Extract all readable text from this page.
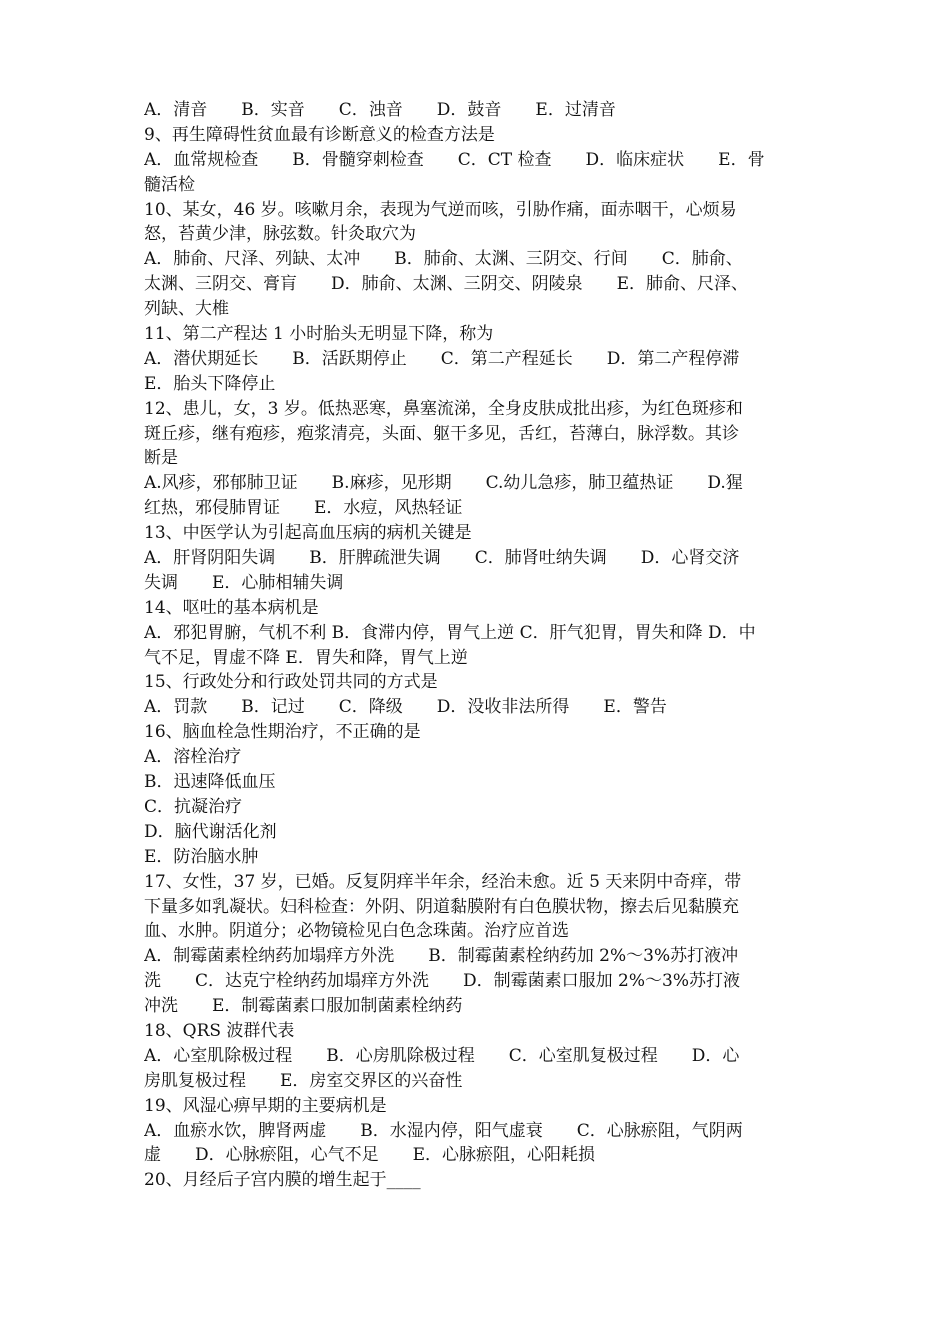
A．清音　　B．实音　　C．浊音　　D．鼓音　　E．过清音
9、再生障碍性贫血最有诊断意义的检查方法是
A．血常规检查　　B．骨髓穿刺检查　　C．CT 检查　　D．临床症状　　E．骨
髓活检
10、某女，46 岁。咳嗽月余，表现为气逆而咳，引胁作痛，面赤咽干，心烦易
怒，苔黄少津，脉弦数。针灸取穴为
A．肺俞、尺泽、列缺、太冲　　B．肺俞、太渊、三阴交、行间　　C．肺俞、
太渊、三阴交、膏肓　　D．肺俞、太渊、三阴交、阴陵泉　　E．肺俞、尺泽、
列缺、大椎
11、第二产程达 1 小时胎头无明显下降，称为
A．潜伏期延长　　B．活跃期停止　　C．第二产程延长　　D．第二产程停滞
E．胎头下降停止
12、患儿，女，3 岁。低热恶寒，鼻塞流涕，全身皮肤成批出疹，为红色斑疹和
斑丘疹，继有疱疹，疱浆清亮，头面、躯干多见，舌红，苔薄白，脉浮数。其诊
断是
A.风疹，邪郁肺卫证　　B.麻疹，见形期　　C.幼儿急疹，肺卫蕴热证　　D.猩
红热，邪侵肺胃证　　E．水痘，风热轻证
13、中医学认为引起高血压病的病机关键是
A．肝肾阴阳失调　　B．肝脾疏泄失调　　C．肺肾吐纳失调　　D．心肾交济
失调　　E．心肺相辅失调
14、呕吐的基本病机是
A．邪犯胃腑，气机不利 B．食滞内停，胃气上逆 C．肝气犯胃，胃失和降 D．中
气不足，胃虚不降 E．胃失和降，胃气上逆
15、行政处分和行政处罚共同的方式是
A．罚款　　B．记过　　C．降级　　D．没收非法所得　　E．警告
16、脑血栓急性期治疗，不正确的是
A．溶栓治疗
B．迅速降低血压
C．抗凝治疗
D．脑代谢活化剂
E．防治脑水肿
17、女性，37 岁，已婚。反复阴痒半年余，经治未愈。近 5 天来阴中奇痒，带
下量多如乳凝状。妇科检查：外阴、阴道黏膜附有白色膜状物，擦去后见黏膜充
血、水肿。阴道分；必物镜检见白色念珠菌。治疗应首选
A．制霉菌素栓纳药加塌痒方外洗　　B．制霉菌素栓纳药加 2%～3%苏打液冲
洗　　C．达克宁栓纳药加塌痒方外洗　　D．制霉菌素口服加 2%～3%苏打液
冲洗　　E．制霉菌素口服加制菌素栓纳药
18、QRS 波群代表
A．心室肌除极过程　　B．心房肌除极过程　　C．心室肌复极过程　　D．心
房肌复极过程　　E．房室交界区的兴奋性
19、风湿心痹早期的主要病机是
A．血瘀水饮，脾肾两虚　　B．水湿内停，阳气虚衰　　C．心脉瘀阻，气阴两
虚　　D．心脉瘀阻，心气不足　　E．心脉瘀阻，心阳耗损
20、月经后子宫内膜的增生起于____
